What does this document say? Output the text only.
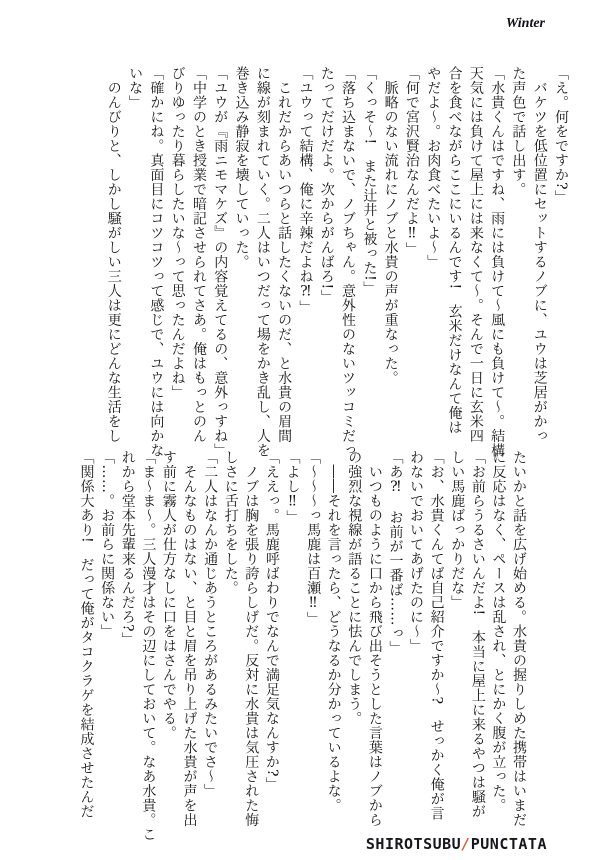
Winter
「え。何をですか?」
　バケツを低位置にセットするノブに、ユウは芝居がかっ
た声色で話し出す。
「水貴くんはですね、雨には負けて〜風にも負けて〜。結構
天気には負けて屋上には来なくて〜。そんで一日に玄米四
合を食べながらここにいるんです!　玄米だけなんて俺は
やだよ〜。お肉食べたいよ〜」
「何で宮沢賢治なんだよ‼」
　脈略のない流れにノブと水貴の声が重なった。
「くっそ〜!　また辻井と被った!」
「落ち込まないで、ノブちゃん。意外性のないツッコミだっ
たってだけだよ。次からがんばろ!」
「ユウって結構、俺に辛辣だよね⁈」
　これだからあいつらと話したくないのだ、と水貴の眉間
に線が刻まれていく。二人はいつだって場をかき乱し、人を
巻き込み静寂を壊していった。
「ユウが『雨ニモマケズ』の内容覚えてるの、意外っすね」
「中学のとき授業で暗記させられてさあ。俺はもっとのん
びりゆったり暮らしたいな〜って思ったんだよね」
「確かにね。真面目にコツコツって感じで、ユウには向かな
いな」
　のんびりと、しかし騒がしい三人は更にどんな生活をし
たいかと話を広げ始める。水貴の握りしめた携帯はいまだ
に反応はなく、ペースは乱され、とにかく腹が立った。
「お前らうるさいんだよ!　本当に屋上に来るやつは騒が
しい馬鹿ばっかりだな」
「お、水貴くんてば自己紹介ですか〜?　せっかく俺が言
わないでおいてあげたのに〜」
「あ⁈　お前が一番ば……っ」
　いつものように口から飛び出そうとした言葉はノブから
の強烈な視線が語ることに怯んでしまう。
　――それを言ったら、どうなるか分かっているよな。
「〜〜〜っ馬鹿は百瀬‼」
「よし‼」
「ええっ。馬鹿呼ばわりでなんで満足気なんすか?」
　ノブは胸を張り誇らしげだ。反対に水貴は気圧された悔
しさに舌打ちをした。
「二人はなんか通じあうところがあるみたいでさ〜」
　そんなものはない、と目と眉を吊り上げた水貴が声を出
す前に霧人が仕方なしに口をはさんでやる。
「ま〜ま〜。三人漫才はその辺にしておいて。なあ水貴。こ
れから堂本先輩来るんだろ?」
「……。お前らに関係ない」
「関係大あり!　だって俺がタコクラゲを結成させたんだ
SHIROTSUBU/PUNCTATA
